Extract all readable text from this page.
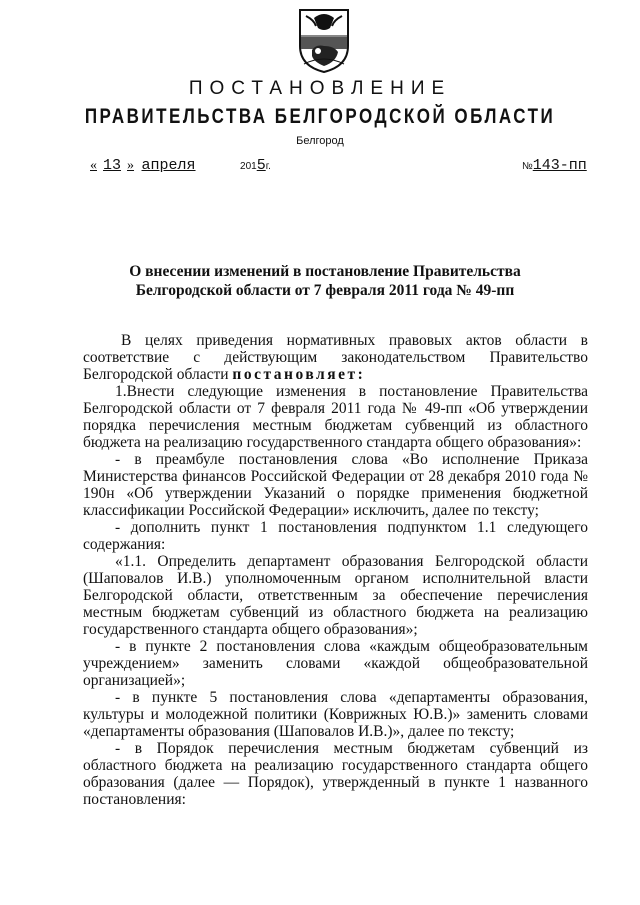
ПОСТАНОВЛЕНИЕ
ПРАВИТЕЛЬСТВА БЕЛГОРОДСКОЙ ОБЛАСТИ
Белгород
« 13 » апреля	2015г.	№143-пп
О внесении изменений в постановление Правительства
Белгородской области от 7 февраля 2011 года № 49-пп

В целях приведения нормативных правовых актов области в соответствие с действующим законодательством Правительство Белгородской области постановляет:

1.Внести следующие изменения в постановление Правительства Белгородской области от 7 февраля 2011 года № 49-пп «Об утверждении порядка перечисления местным бюджетам субвенций из областного бюджета на реализацию государственного стандарта общего образования»:

- в преамбуле постановления слова «Во исполнение Приказа Министерства финансов Российской Федерации от 28 декабря 2010 года № 190н «Об утверждении Указаний о порядке применения бюджетной классификации Российской Федерации» исключить, далее по тексту;

- дополнить пункт 1 постановления подпунктом 1.1 следующего содержания:

«1.1. Определить департамент образования Белгородской области (Шаповалов И.В.) уполномоченным органом исполнительной власти Белгородской области, ответственным за обеспечение перечисления местным бюджетам субвенций из областного бюджета на реализацию государственного стандарта общего образования»;

- в пункте 2 постановления слова «каждым общеобразовательным учреждением» заменить словами «каждой общеобразовательной организацией»;

- в пункте 5 постановления слова «департаменты образования, культуры и молодежной политики (Коврижных Ю.В.)» заменить словами «департаменты образования (Шаповалов И.В.)», далее по тексту;

- в Порядок перечисления местным бюджетам субвенций из областного бюджета на реализацию государственного стандарта общего образования (далее — Порядок), утвержденный в пункте 1 названного постановления:
